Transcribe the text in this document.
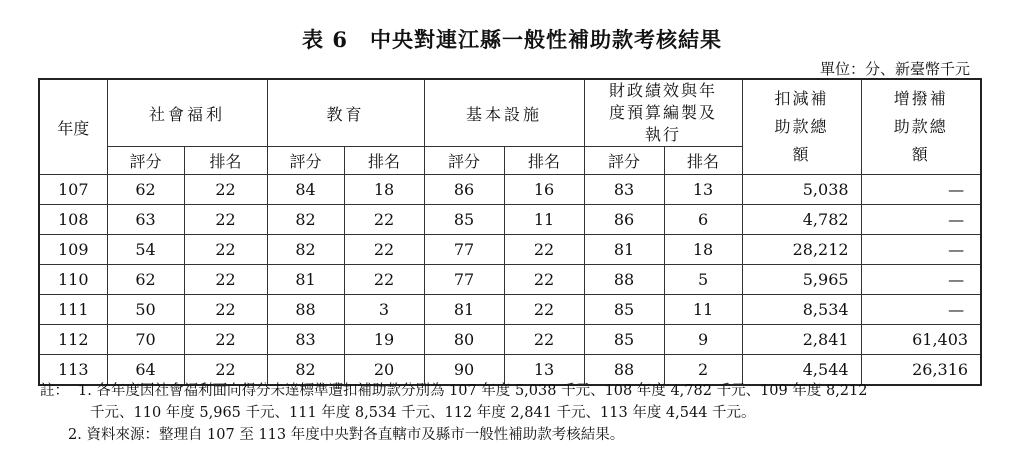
表 6　中央對連江縣一般性補助款考核結果
單位：分、新臺幣千元
年度	社會福利		教育		基本設施		財政績效與年度預算編製及執行		扣減補助款總額	增撥補助款總額
	評分	排名	評分	排名	評分	排名	評分	排名		
107	62	22	84	18	86	16	83	13	5,038	—
108	63	22	82	22	85	11	86	6	4,782	—
109	54	22	82	22	77	22	81	18	28,212	—
110	62	22	81	22	77	22	88	5	5,965	—
111	50	22	88	3	81	22	85	11	8,534	—
112	70	22	83	19	80	22	85	9	2,841	61,403
113	64	22	82	20	90	13	88	2	4,544	26,316
註： 1. 各年度因社會福利面向得分未達標準遭扣補助款分別為 107 年度 5,038 千元、108 年度 4,782 千元、109 年度 8,212
千元、110 年度 5,965 千元、111 年度 8,534 千元、112 年度 2,841 千元、113 年度 4,544 千元。
2. 資料來源：整理自 107 至 113 年度中央對各直轄市及縣市一般性補助款考核結果。
